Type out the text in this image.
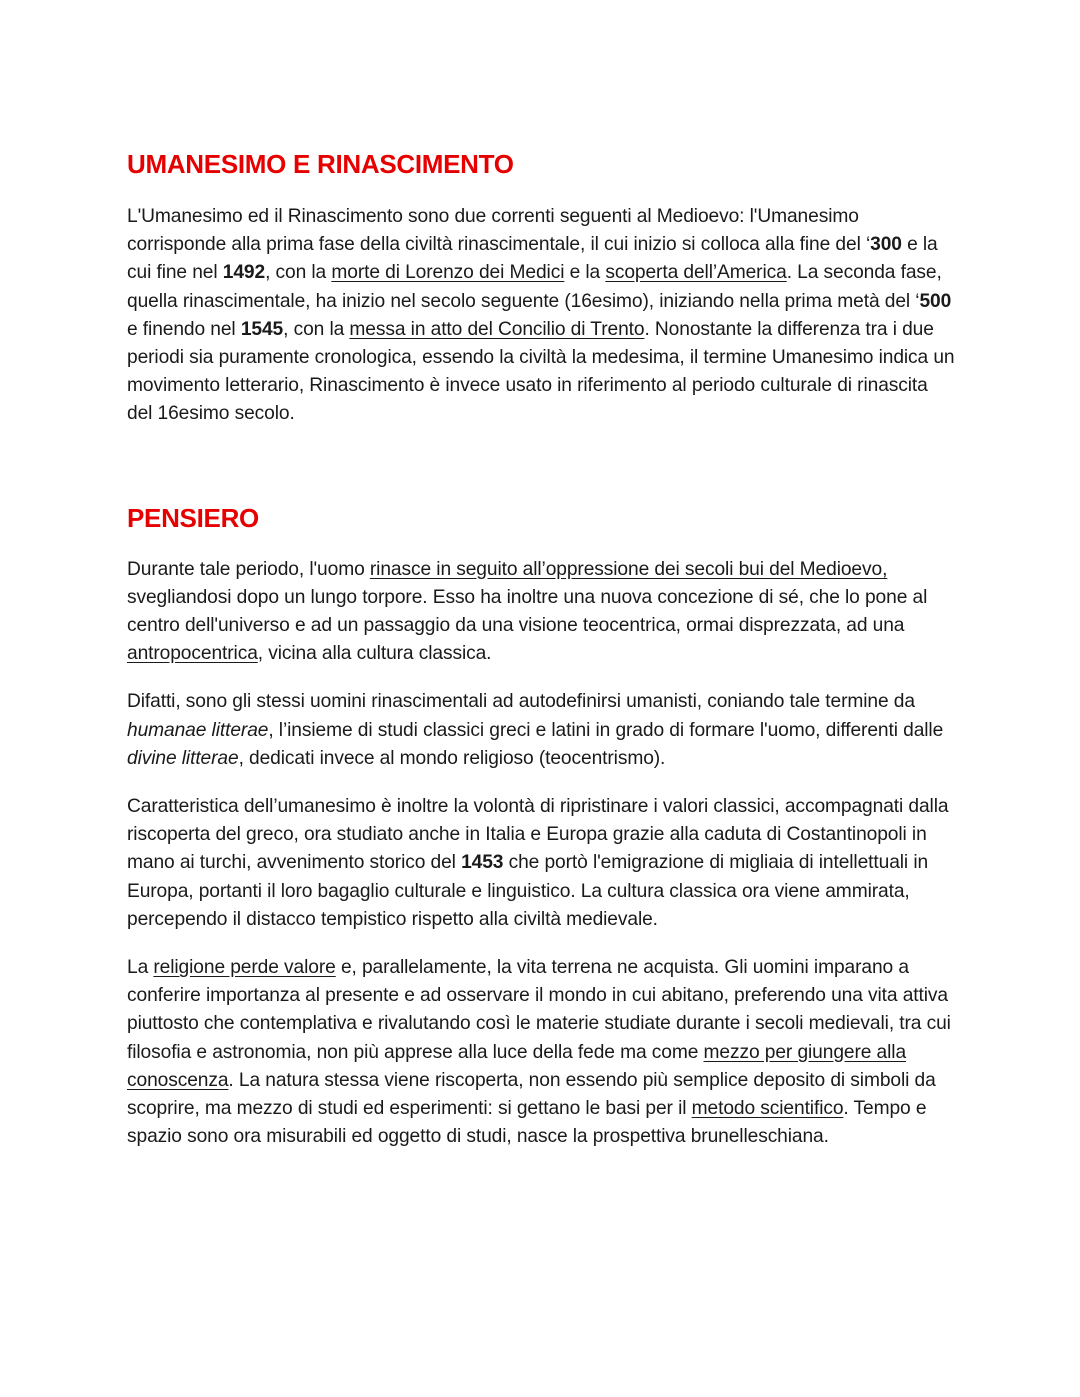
UMANESIMO E RINASCIMENTO

L'Umanesimo ed il Rinascimento sono due correnti seguenti al Medioevo: l'Umanesimo corrisponde alla prima fase della civiltà rinascimentale, il cui inizio si colloca alla fine del ‘300 e la cui fine nel 1492, con la morte di Lorenzo dei Medici e la scoperta dell’America. La seconda fase, quella rinascimentale, ha inizio nel secolo seguente (16esimo), iniziando nella prima metà del ‘500 e finendo nel 1545, con la messa in atto del Concilio di Trento. Nonostante la differenza tra i due periodi sia puramente cronologica, essendo la civiltà la medesima, il termine Umanesimo indica un movimento letterario, Rinascimento è invece usato in riferimento al periodo culturale di rinascita del 16esimo secolo.

PENSIERO

Durante tale periodo, l'uomo rinasce in seguito all’oppressione dei secoli bui del Medioevo, svegliandosi dopo un lungo torpore. Esso ha inoltre una nuova concezione di sé, che lo pone al centro dell'universo e ad un passaggio da una visione teocentrica, ormai disprezzata, ad una antropocentrica, vicina alla cultura classica.

Difatti, sono gli stessi uomini rinascimentali ad autodefinirsi umanisti, coniando tale termine da humanae litterae, l’insieme di studi classici greci e latini in grado di formare l'uomo, differenti dalle divine litterae, dedicati invece al mondo religioso (teocentrismo).

Caratteristica dell’umanesimo è inoltre la volontà di ripristinare i valori classici, accompagnati dalla riscoperta del greco, ora studiato anche in Italia e Europa grazie alla caduta di Costantinopoli in mano ai turchi, avvenimento storico del 1453 che portò l'emigrazione di migliaia di intellettuali in Europa, portanti il loro bagaglio culturale e linguistico. La cultura classica ora viene ammirata, percependo il distacco tempistico rispetto alla civiltà medievale.

La religione perde valore e, parallelamente, la vita terrena ne acquista. Gli uomini imparano a conferire importanza al presente e ad osservare il mondo in cui abitano, preferendo una vita attiva piuttosto che contemplativa e rivalutando così le materie studiate durante i secoli medievali, tra cui filosofia e astronomia, non più apprese alla luce della fede ma come mezzo per giungere alla conoscenza. La natura stessa viene riscoperta, non essendo più semplice deposito di simboli da scoprire, ma mezzo di studi ed esperimenti: si gettano le basi per il metodo scientifico. Tempo e spazio sono ora misurabili ed oggetto di studi, nasce la prospettiva brunelleschiana.
